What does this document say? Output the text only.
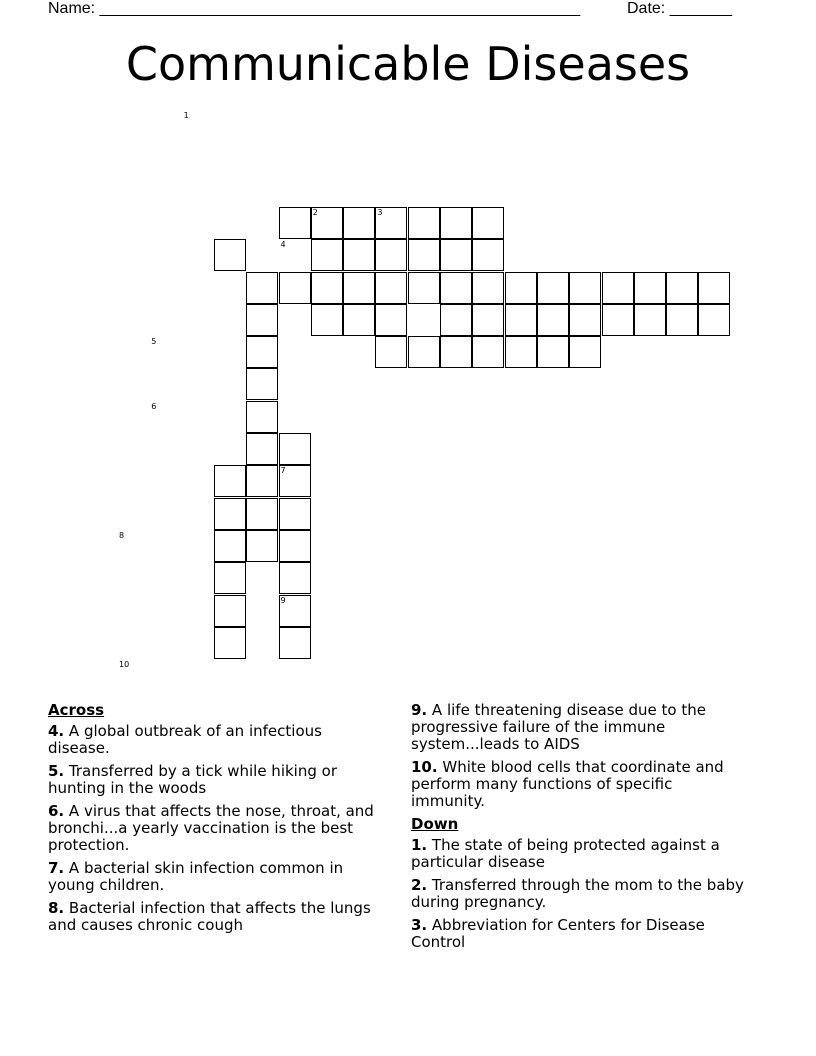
Name: ______________________________________________________	Date: _______
Communicable Diseases
1
2	3
4
5
6
7
8
9
10
Across
4. A global outbreak of an infectious disease.
5. Transferred by a tick while hiking or hunting in the woods
6. A virus that affects the nose, throat, and bronchi...a yearly vaccination is the best protection.
7. A bacterial skin infection common in young children.
8. Bacterial infection that affects the lungs and causes chronic cough
9. A life threatening disease due to the progressive failure of the immune system...leads to AIDS
10. White blood cells that coordinate and perform many functions of specific immunity.
Down
1. The state of being protected against a particular disease
2. Transferred through the mom to the baby during pregnancy.
3. Abbreviation for Centers for Disease Control
